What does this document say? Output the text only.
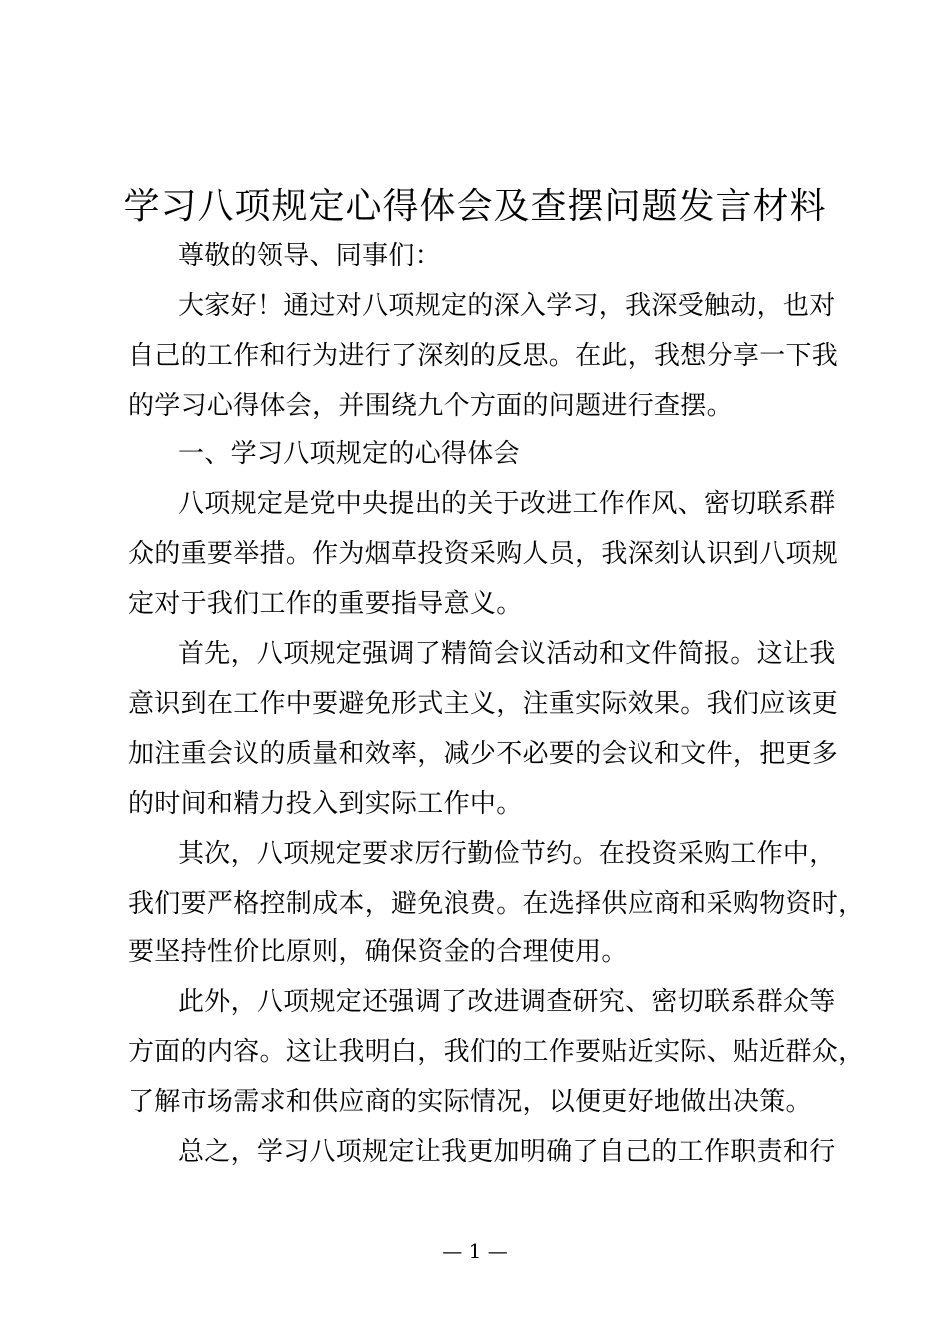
学习八项规定心得体会及查摆问题发言材料
尊敬的领导、同事们：
大家好！通过对八项规定的深入学习，我深受触动，也对
自己的工作和行为进行了深刻的反思。在此，我想分享一下我
的学习心得体会，并围绕九个方面的问题进行查摆。
一、学习八项规定的心得体会
八项规定是党中央提出的关于改进工作作风、密切联系群
众的重要举措。作为烟草投资采购人员，我深刻认识到八项规
定对于我们工作的重要指导意义。
首先，八项规定强调了精简会议活动和文件简报。这让我
意识到在工作中要避免形式主义，注重实际效果。我们应该更
加注重会议的质量和效率，减少不必要的会议和文件，把更多
的时间和精力投入到实际工作中。
其次，八项规定要求厉行勤俭节约。在投资采购工作中，
我们要严格控制成本，避免浪费。在选择供应商和采购物资时，
要坚持性价比原则，确保资金的合理使用。
此外，八项规定还强调了改进调查研究、密切联系群众等
方面的内容。这让我明白，我们的工作要贴近实际、贴近群众，
了解市场需求和供应商的实际情况，以便更好地做出决策。
总之，学习八项规定让我更加明确了自己的工作职责和行
— 1 —
